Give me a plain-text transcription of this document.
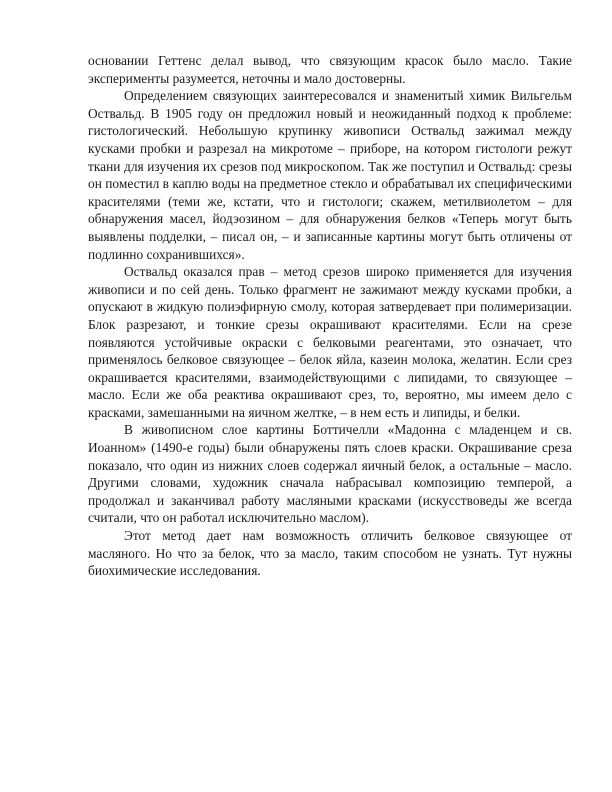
основании Геттенс делал вывод, что связующим красок было масло. Такие эксперименты разумеется, неточны и мало достоверны.

Определением связующих заинтересовался и знаменитый химик Вильгельм Оствальд. В 1905 году он предложил новый и неожиданный подход к проблеме: гистологический. Небольшую крупинку живописи Оствальд зажимал между кусками пробки и разрезал на микротоме – приборе, на котором гистологи режут ткани для изучения их срезов под микроскопом. Так же поступил и Оствальд: срезы он поместил в каплю воды на предметное стекло и обрабатывал их специфическими красителями (теми же, кстати, что и гистологи; скажем, метилвиолетом – для обнаружения масел, йодэозином – для обнаружения белков «Теперь могут быть выявлены подделки, – писал он, – и записанные картины могут быть отличены от подлинно сохранившихся».

Оствальд оказался прав – метод срезов широко применяется для изучения живописи и по сей день. Только фрагмент не зажимают между кусками пробки, а опускают в жидкую полиэфирную смолу, которая затвердевает при полимеризации. Блок разрезают, и тонкие срезы окрашивают красителями. Если на срезе появляются устойчивые окраски с белковыми реагентами, это означает, что применялось белковое связующее – белок яйла, казеин молока, желатин. Если срез окрашивается красителями, взаимодействующими с липидами, то связующее – масло. Если же оба реактива окрашивают срез, то, вероятно, мы имеем дело с красками, замешанными на яичном желтке, – в нем есть и липиды, и белки.

В живописном слое картины Боттичелли «Мадонна с младенцем и св. Иоанном» (1490-е годы) были обнаружены пять слоев краски. Окрашивание среза показало, что один из нижних слоев содержал яичный белок, а остальные – масло. Другими словами, художник сначала набрасывал композицию темперой, а продолжал и заканчивал работу масляными красками (искусствоведы же всегда считали, что он работал исключительно маслом).

Этот метод дает нам возможность отличить белковое связующее от масляного. Но что за белок, что за масло, таким способом не узнать. Тут нужны биохимические исследования.
